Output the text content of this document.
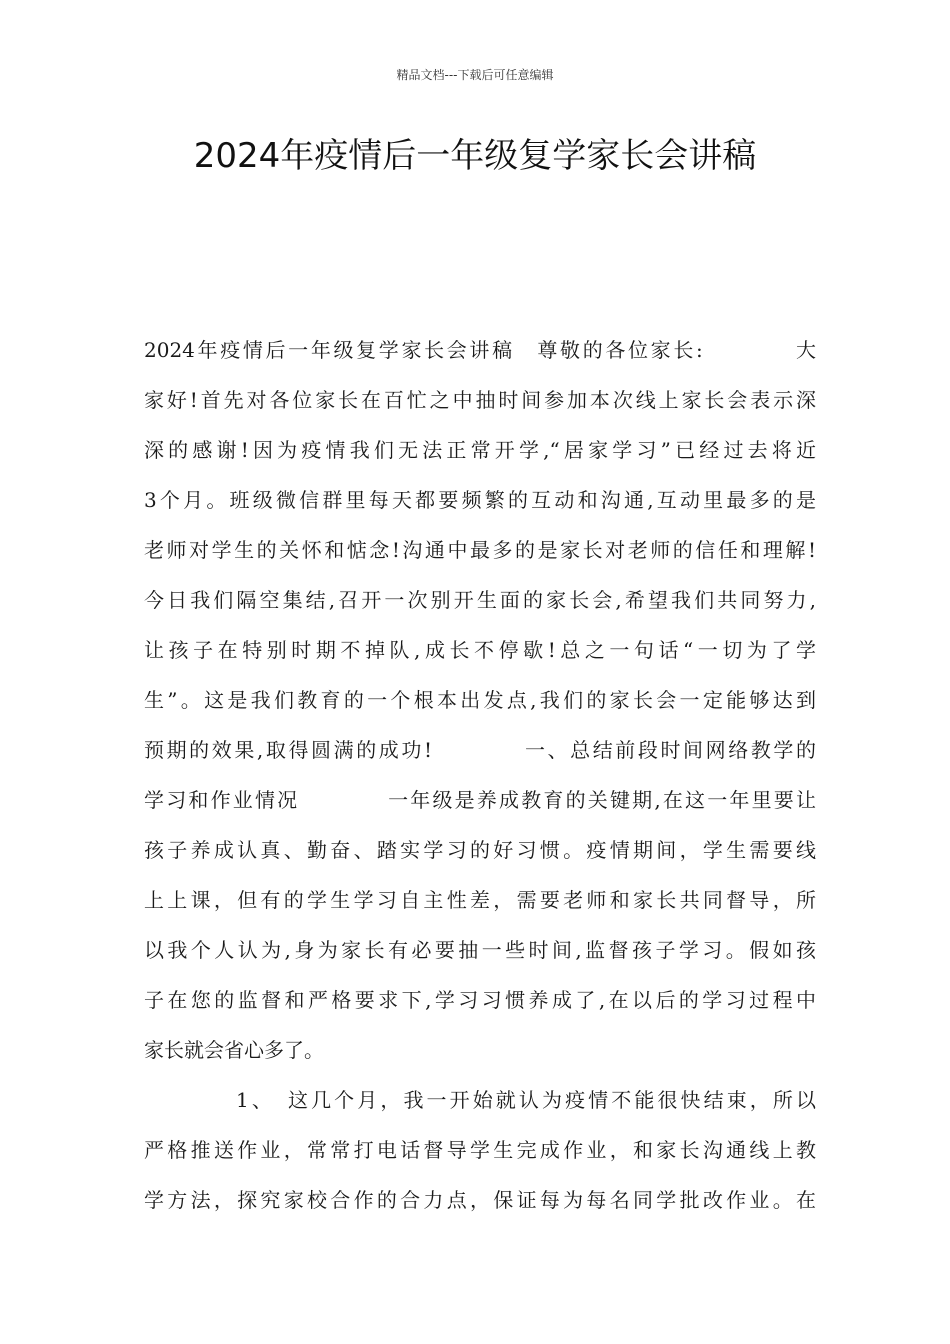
精品文档---下载后可任意编辑
2024年疫情后一年级复学家长会讲稿
2024年疫情后一年级复学家长会讲稿　尊敬的各位家长:　　　　大
家好!首先对各位家长在百忙之中抽时间参加本次线上家长会表示深
深的感谢!因为疫情我们无法正常开学,“居家学习”已经过去将近
3个月。班级微信群里每天都要频繁的互动和沟通,互动里最多的是
老师对学生的关怀和惦念!沟通中最多的是家长对老师的信任和理解!
今日我们隔空集结,召开一次别开生面的家长会,希望我们共同努力,
让孩子在特别时期不掉队,成长不停歇!总之一句话“一切为了学
生”。这是我们教育的一个根本出发点,我们的家长会一定能够达到
预期的效果,取得圆满的成功!　　　　一、总结前段时间网络教学的
学习和作业情况　　　　一年级是养成教育的关键期,在这一年里要让
孩子养成认真、勤奋、踏实学习的好习惯。疫情期间，学生需要线
上上课，但有的学生学习自主性差，需要老师和家长共同督导，所
以我个人认为,身为家长有必要抽一些时间,监督孩子学习。假如孩
子在您的监督和严格要求下,学习习惯养成了,在以后的学习过程中
家长就会省心多了。
1、　这几个月，我一开始就认为疫情不能很快结束，所以
严格推送作业，常常打电话督导学生完成作业，和家长沟通线上教
学方法，探究家校合作的合力点，保证每为每名同学批改作业。在
